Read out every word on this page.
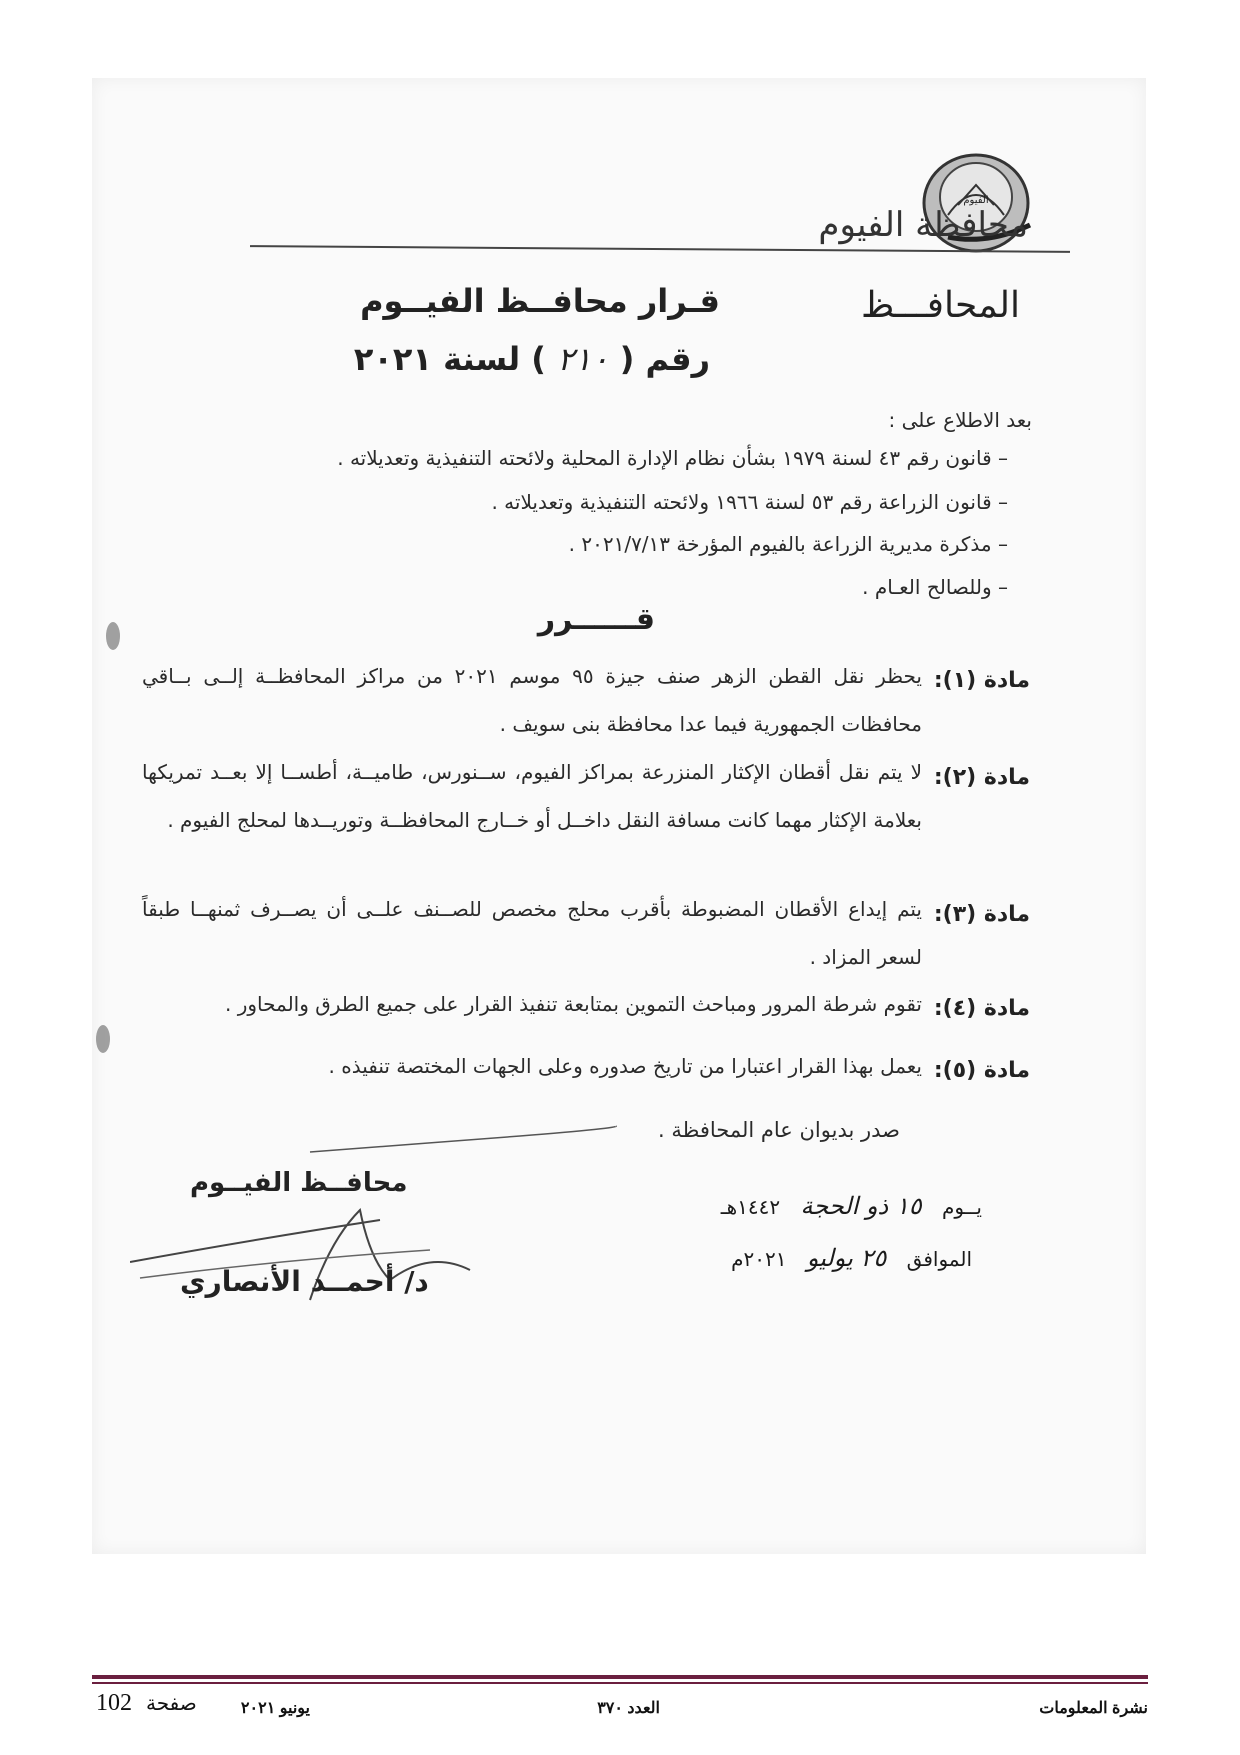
الفيوم
محافظة الفيوم
المحافـــظ
قـرار محافــظ الفيــوم
رقم ( ٢١٠ ) لسنة ٢٠٢١
بعد الاطلاع على :
– قانون رقم ٤٣ لسنة ١٩٧٩ بشأن نظام الإدارة المحلية ولائحته التنفيذية وتعديلاته .
– قانون الزراعة رقم ٥٣ لسنة ١٩٦٦ ولائحته التنفيذية وتعديلاته .
– مذكرة مديرية الزراعة بالفيوم المؤرخة ٢٠٢١/٧/١٣ .
– وللصالح العـام .
قــــــرر
مادة (١):
يحظر نقل القطن الزهر صنف جيزة ٩٥ موسم ٢٠٢١ من مراكز المحافظــة إلــى بــاقي محافظات الجمهورية فيما عدا محافظة بنى سويف .
مادة (٢):
لا يتم نقل أقطان الإكثار المنزرعة بمراكز الفيوم، ســنورس، طاميــة، أطســا إلا بعــد تمريكها بعلامة الإكثار مهما كانت مسافة النقل داخــل أو خــارج المحافظــة وتوريــدها لمحلج الفيوم .
مادة (٣):
يتم إيداع الأقطان المضبوطة بأقرب محلج مخصص للصــنف علــى أن يصــرف ثمنهــا طبقاً لسعر المزاد .
مادة (٤):
تقوم شرطة المرور ومباحث التموين بمتابعة تنفيذ القرار على جميع الطرق والمحاور .
مادة (٥):
يعمل بهذا القرار اعتبارا من تاريخ صدوره وعلى الجهات المختصة تنفيذه .
صدر بديوان عام المحافظة .
يــوم ١٥ ذو الحجة ١٤٤٢هـ
الموافق ٢٥ يوليو ٢٠٢١م
محافــظ الفيــوم
د/ أحمــد الأنصاري
نشرة المعلومات
العدد ٣٧٠
يونيو ٢٠٢١
102 صفحة
